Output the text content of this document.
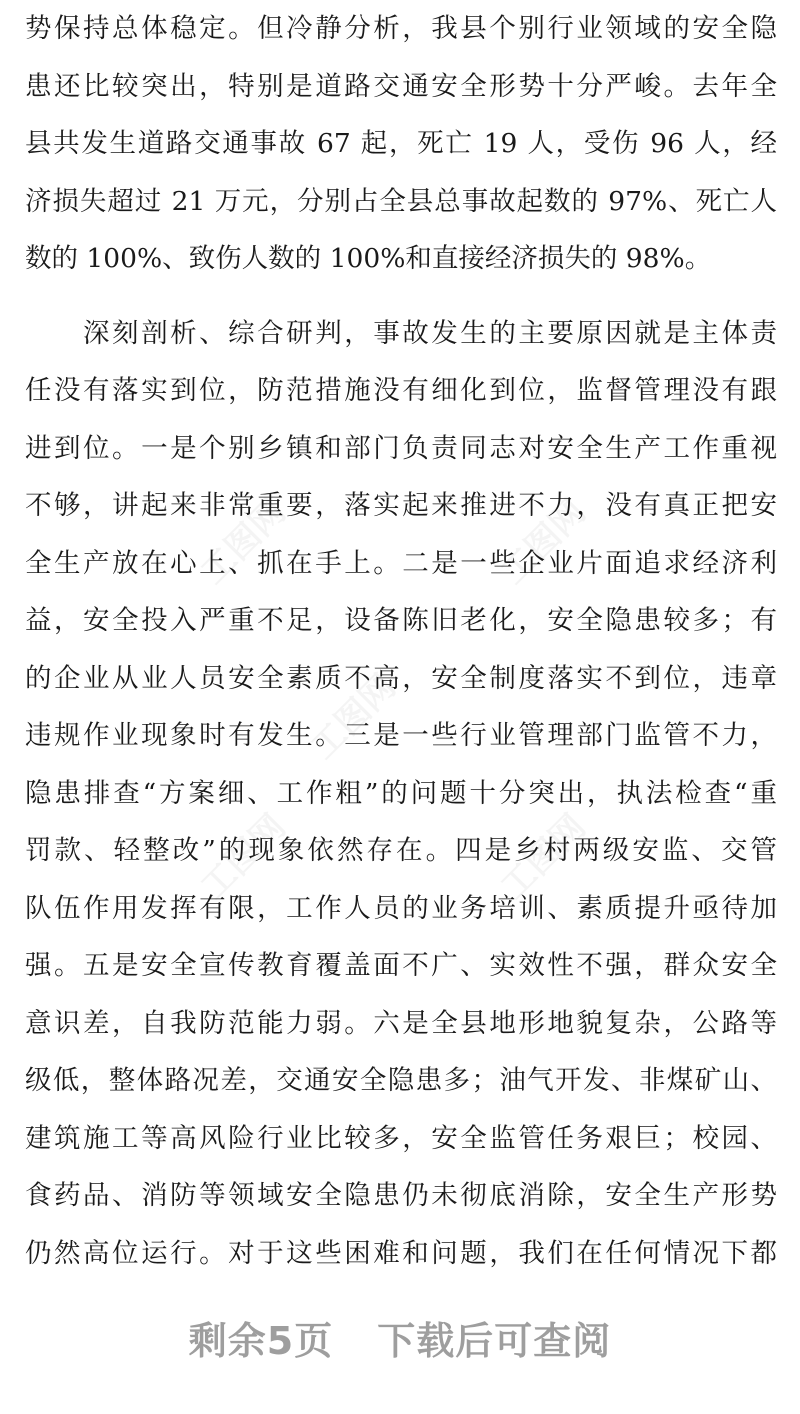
势保持总体稳定。但冷静分析，我县个别行业领域的安全隐
患还比较突出，特别是道路交通安全形势十分严峻。去年全
县共发生道路交通事故 67 起，死亡 19 人，受伤 96 人，经
济损失超过 21 万元，分别占全县总事故起数的 97%、死亡人
数的 100%、致伤人数的 100%和直接经济损失的 98%。
　　深刻剖析、综合研判，事故发生的主要原因就是主体责
任没有落实到位，防范措施没有细化到位，监督管理没有跟
进到位。一是个别乡镇和部门负责同志对安全生产工作重视
不够，讲起来非常重要，落实起来推进不力，没有真正把安
全生产放在心上、抓在手上。二是一些企业片面追求经济利
益，安全投入严重不足，设备陈旧老化，安全隐患较多；有
的企业从业人员安全素质不高，安全制度落实不到位，违章
违规作业现象时有发生。三是一些行业管理部门监管不力，
隐患排查“方案细、工作粗”的问题十分突出，执法检查“重
罚款、轻整改”的现象依然存在。四是乡村两级安监、交管
队伍作用发挥有限，工作人员的业务培训、素质提升亟待加
强。五是安全宣传教育覆盖面不广、实效性不强，群众安全
意识差，自我防范能力弱。六是全县地形地貌复杂，公路等
级低，整体路况差，交通安全隐患多；油气开发、非煤矿山、
建筑施工等高风险行业比较多，安全监管任务艰巨；校园、
食药品、消防等领域安全隐患仍未彻底消除，安全生产形势
仍然高位运行。对于这些困难和问题，我们在任何情况下都
剩余5页 下载后可查阅
